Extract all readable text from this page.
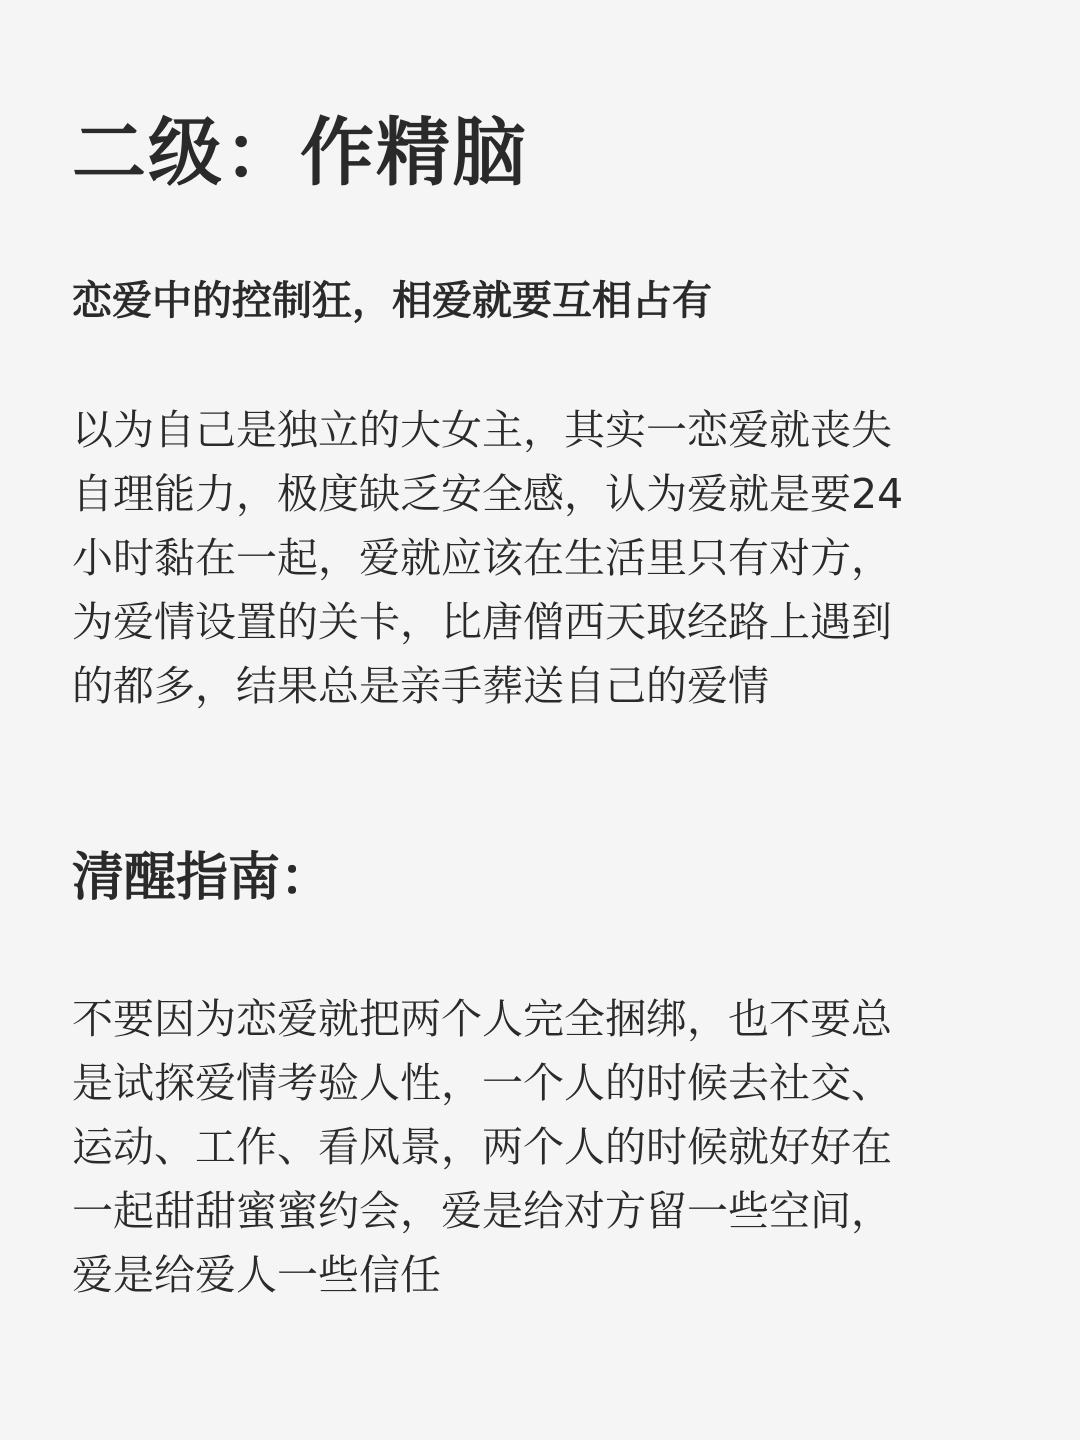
二级：作精脑
恋爱中的控制狂，相爱就要互相占有
以为自己是独立的大女主，其实一恋爱就丧失
自理能力，极度缺乏安全感，认为爱就是要24
小时黏在一起，爱就应该在生活里只有对方，
为爱情设置的关卡，比唐僧西天取经路上遇到
的都多，结果总是亲手葬送自己的爱情
清醒指南：
不要因为恋爱就把两个人完全捆绑，也不要总
是试探爱情考验人性，一个人的时候去社交、
运动、工作、看风景，两个人的时候就好好在
一起甜甜蜜蜜约会，爱是给对方留一些空间，
爱是给爱人一些信任
